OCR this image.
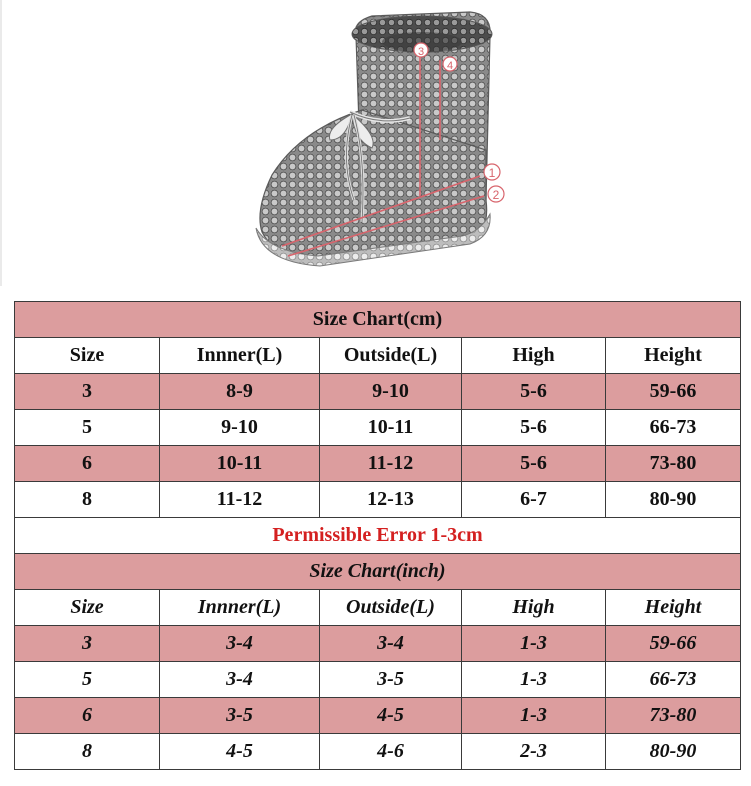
1
2
3
4
Size Chart(cm)				
Size	Innner(L)	Outside(L)	High	Height
3	8-9	9-10	5-6	59-66
5	9-10	10-11	5-6	66-73
6	10-11	11-12	5-6	73-80
8	11-12	12-13	6-7	80-90
Permissible Error 1-3cm				
Size Chart(inch)				
Size	Innner(L)	Outside(L)	High	Height
3	3-4	3-4	1-3	59-66
5	3-4	3-5	1-3	66-73
6	3-5	4-5	1-3	73-80
8	4-5	4-6	2-3	80-90
